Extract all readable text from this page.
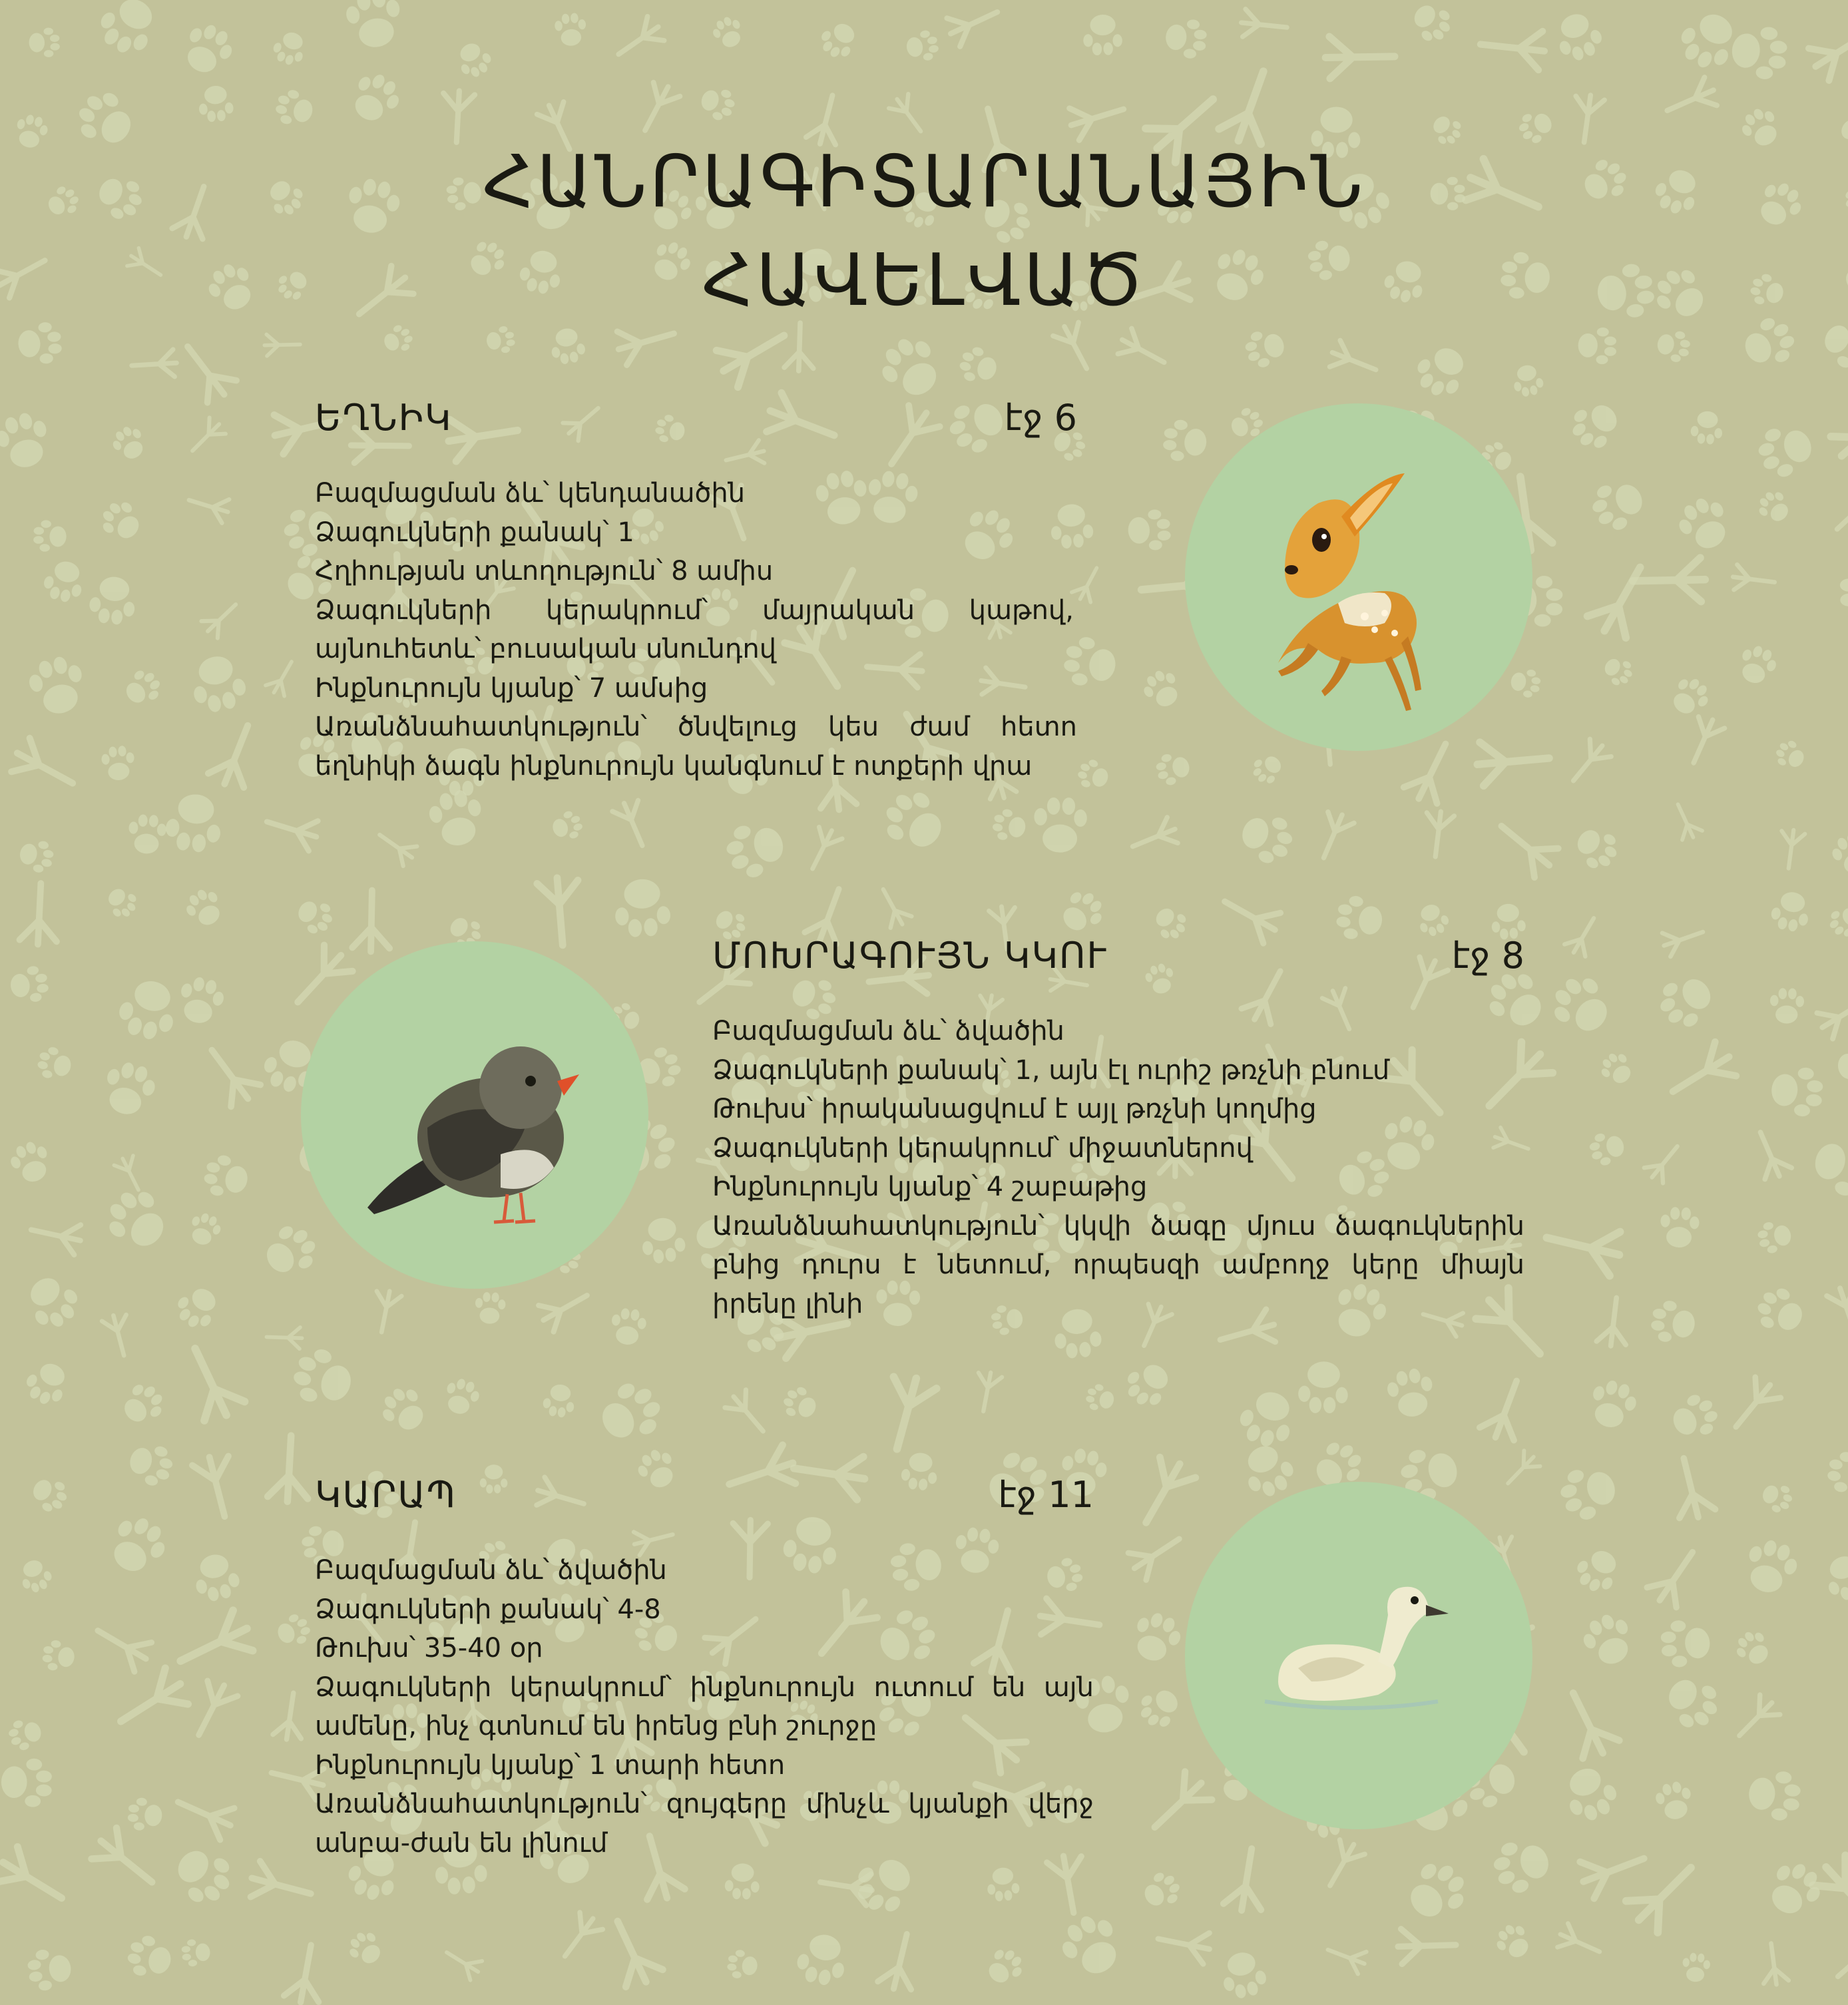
ՀԱՆՐԱԳԻՏԱՐԱՆԱՅԻՆ
ՀԱՎԵԼՎԱԾ
ԵՂՆԻԿ	էջ 6
Բազմացման ձև՝ կենդանածին
Ձագուկների քանակ՝ 1
Հղիության տևողություն՝ 8 ամիս
Ձագուկների կերակրում՝ մայրական կաթով, այնուհետև՝ բուսական սնունդով
Ինքնուրույն կյանք՝ 7 ամսից
Առանձնահատկություն՝ ծնվելուց կես ժամ հետո եղնիկի ձագն ինքնուրույն կանգնում է ոտքերի վրա
ՄՈԽՐԱԳՈՒՅՆ ԿԿՈՒ	էջ 8
Բազմացման ձև՝ ձվածին
Ձագուկների քանակ՝ 1, այն էլ ուրիշ թռչնի բնում
Թուխս՝ իրականացվում է այլ թռչնի կողմից
Ձագուկների կերակրում՝ միջատներով
Ինքնուրույն կյանք՝ 4 շաբաթից
Առանձնահատկություն՝ կկվի ձագը մյուս ձագուկներին բնից դուրս է նետում, որպեսզի ամբողջ կերը միայն իրենը լինի
ԿԱՐԱՊ	էջ 11
Բազմացման ձև՝ ձվածին
Ձագուկների քանակ՝ 4-8
Թուխս՝ 35-40 օր
Ձագուկների կերակրում՝ ինքնուրույն ուտում են այն ամենը, ինչ գտնում են իրենց բնի շուրջը
Ինքնուրույն կյանք՝ 1 տարի հետո
Առանձնահատկություն՝ զույգերը մինչև կյանքի վերջ անբա-ժան են լինում
